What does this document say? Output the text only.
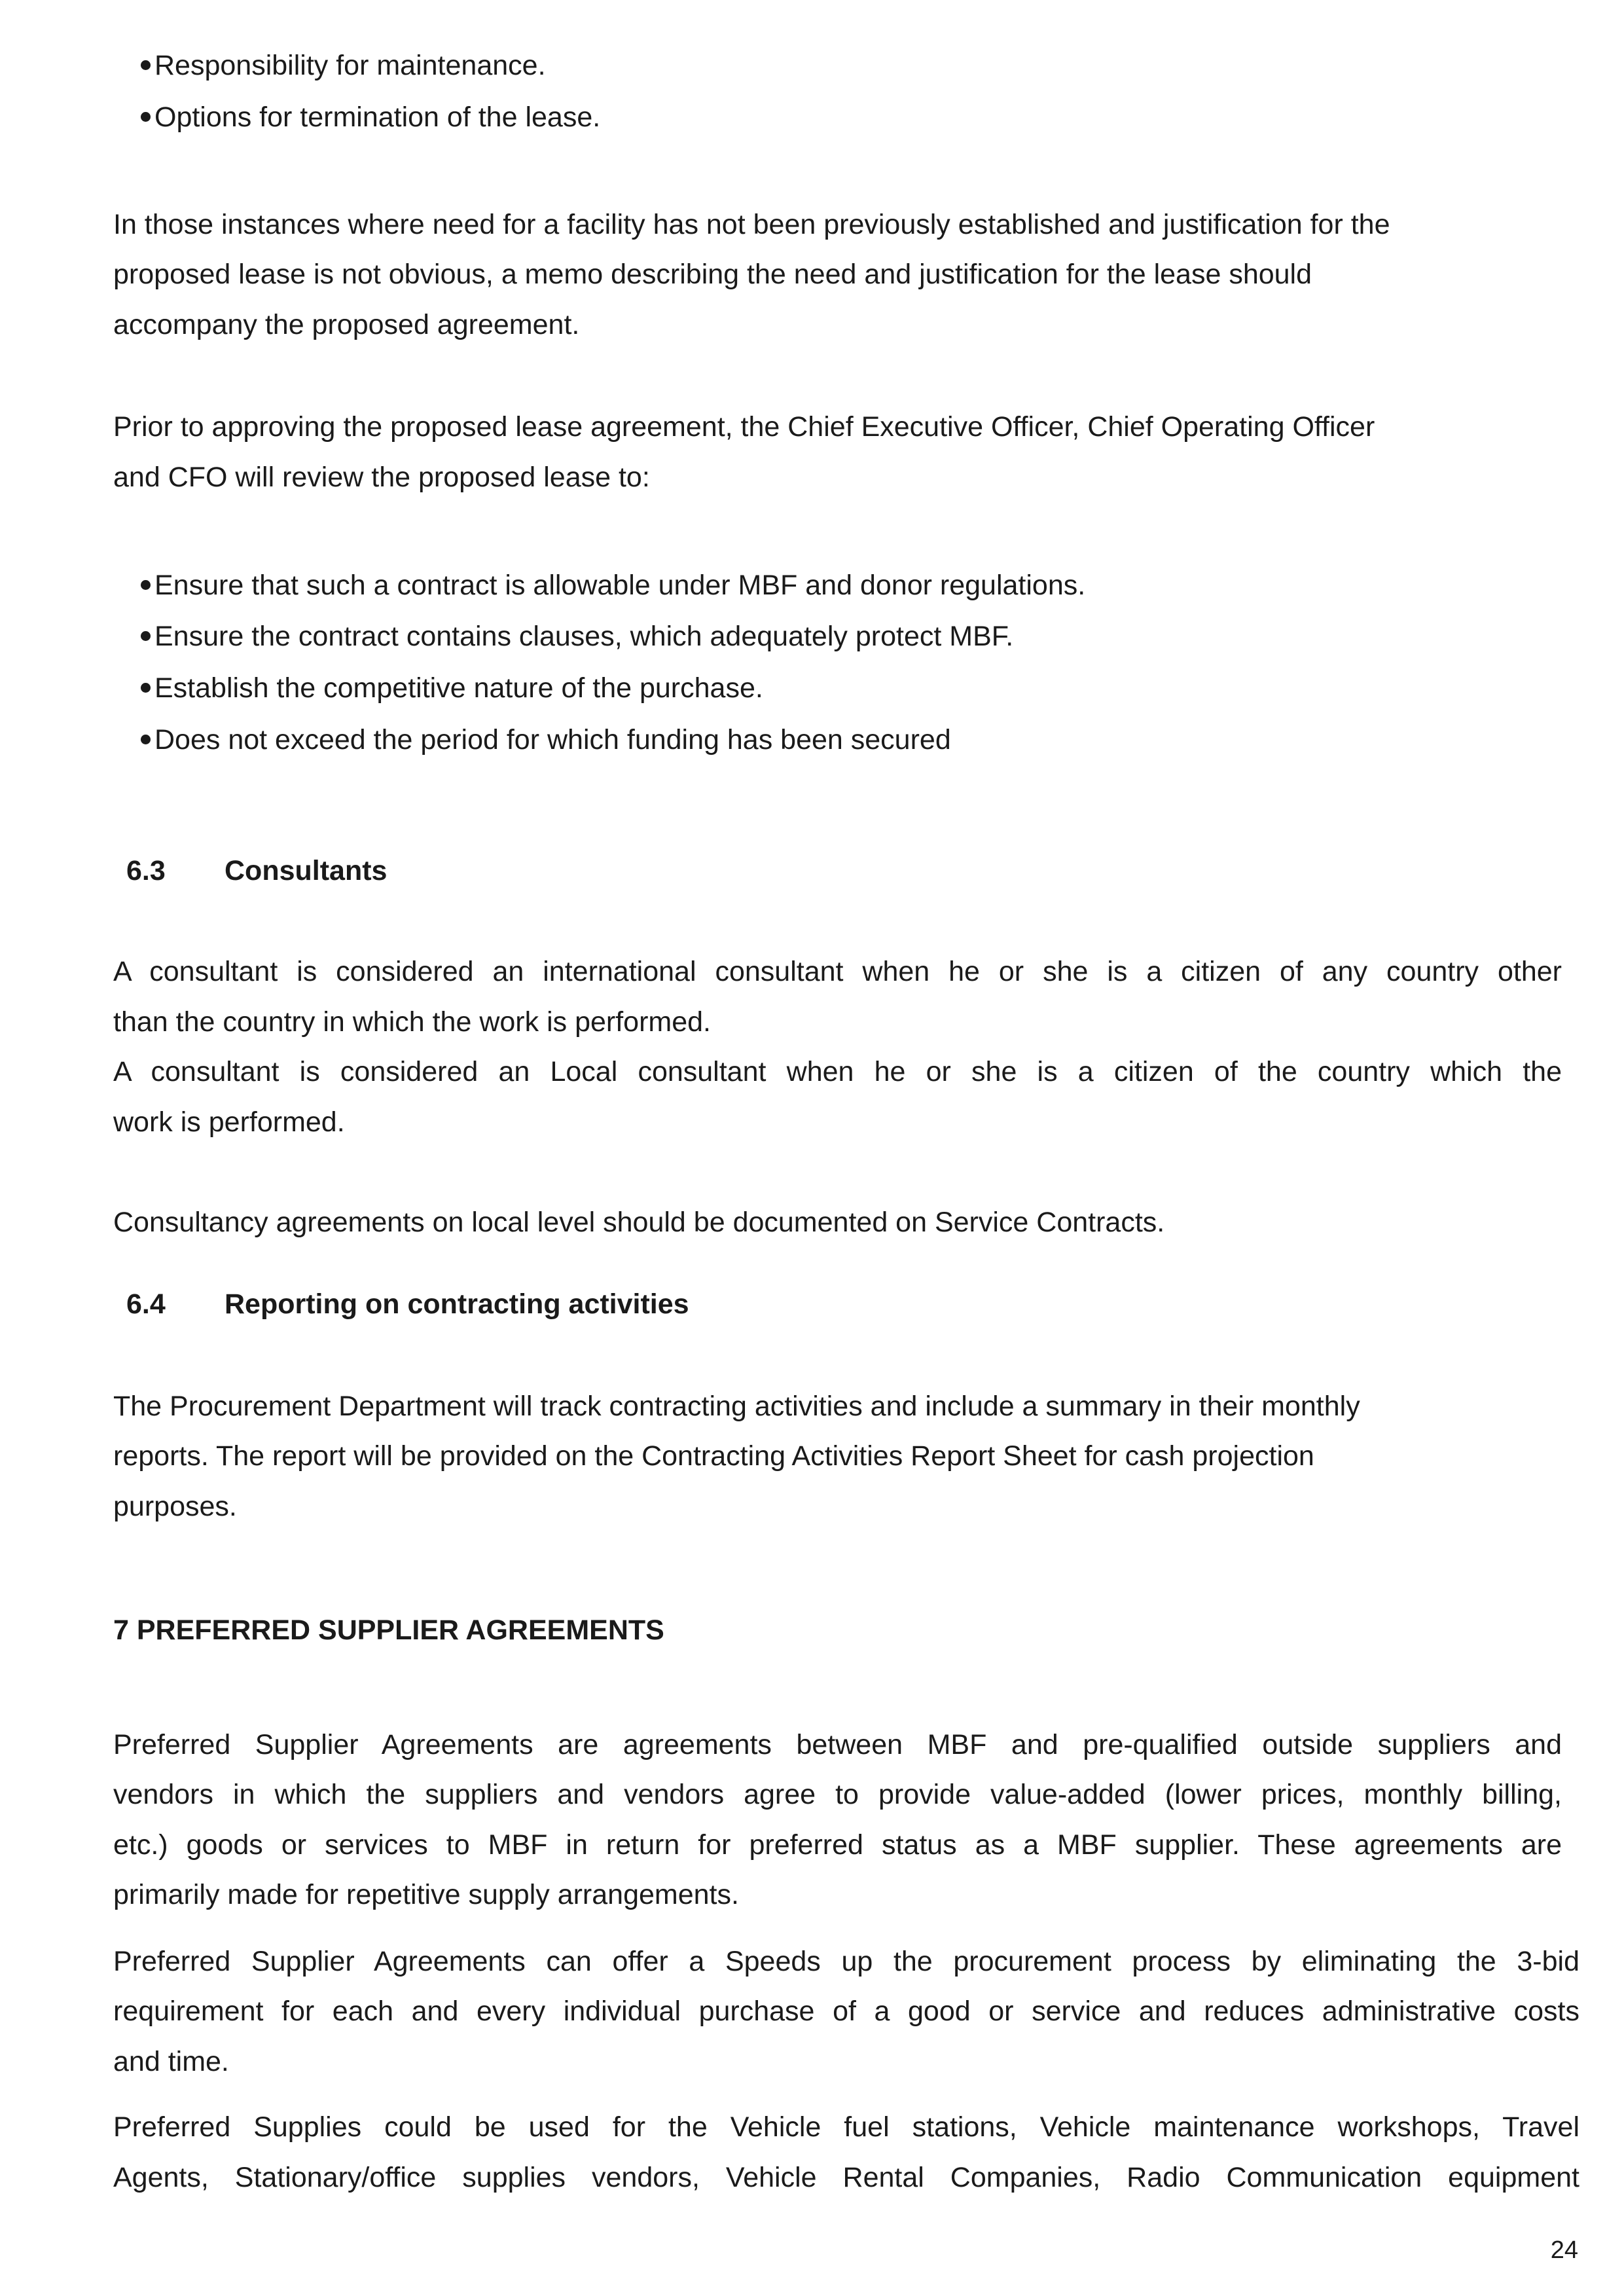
Responsibility for maintenance.
Options for termination of the lease.
In those instances where need for a facility has not been previously established and justification for the
proposed lease is not obvious, a memo describing the need and justification for the lease should
accompany the proposed agreement.
Prior to approving the proposed lease agreement, the Chief Executive Officer, Chief Operating Officer
and CFO will review the proposed lease to:
Ensure that such a contract is allowable under MBF and donor regulations.
Ensure the contract contains clauses, which adequately protect MBF.
Establish the competitive nature of the purchase.
Does not exceed the period for which funding has been secured
6.3 Consultants
A consultant is considered an international consultant when he or she is a citizen of any country other
than the country in which the work is performed.
A consultant is considered an Local consultant when he or she is a citizen of the country which the
work is performed.
Consultancy agreements on local level should be documented on Service Contracts.
6.4 Reporting on contracting activities
The Procurement Department will track contracting activities and include a summary in their monthly
reports. The report will be provided on the Contracting Activities Report Sheet for cash projection
purposes.
7 PREFERRED SUPPLIER AGREEMENTS
Preferred Supplier Agreements are agreements between MBF and pre-qualified outside suppliers and
vendors in which the suppliers and vendors agree to provide value-added (lower prices, monthly billing,
etc.) goods or services to MBF in return for preferred status as a MBF supplier. These agreements are
primarily made for repetitive supply arrangements.
Preferred Supplier Agreements can offer a Speeds up the procurement process by eliminating the 3-bid
requirement for each and every individual purchase of a good or service and reduces administrative costs
and time.
Preferred Supplies could be used for the Vehicle fuel stations, Vehicle maintenance workshops, Travel
Agents, Stationary/office supplies vendors, Vehicle Rental Companies, Radio Communication equipment
24
